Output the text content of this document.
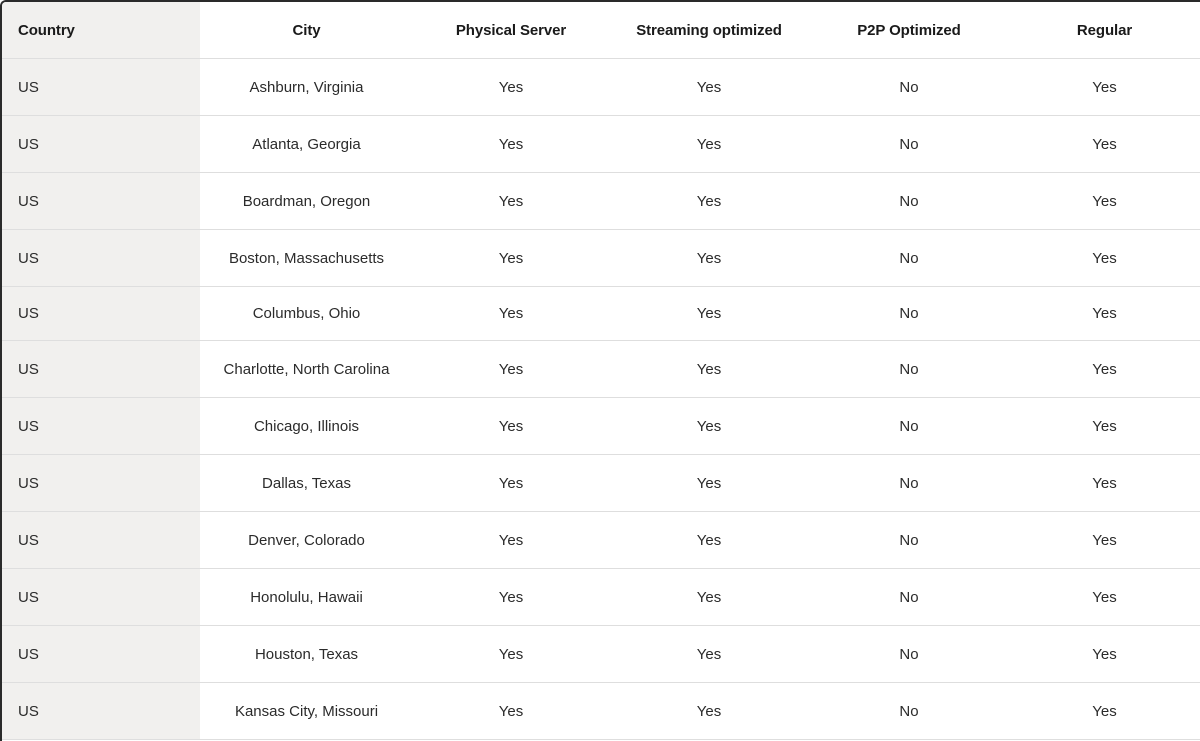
Country	City	Physical Server	Streaming optimized	P2P Optimized	Regular
US	Ashburn, Virginia	Yes	Yes	No	Yes
US	Atlanta, Georgia	Yes	Yes	No	Yes
US	Boardman, Oregon	Yes	Yes	No	Yes
US	Boston, Massachusetts	Yes	Yes	No	Yes
US	Columbus, Ohio	Yes	Yes	No	Yes
US	Charlotte, North Carolina	Yes	Yes	No	Yes
US	Chicago, Illinois	Yes	Yes	No	Yes
US	Dallas, Texas	Yes	Yes	No	Yes
US	Denver, Colorado	Yes	Yes	No	Yes
US	Honolulu, Hawaii	Yes	Yes	No	Yes
US	Houston, Texas	Yes	Yes	No	Yes
US	Kansas City, Missouri	Yes	Yes	No	Yes
